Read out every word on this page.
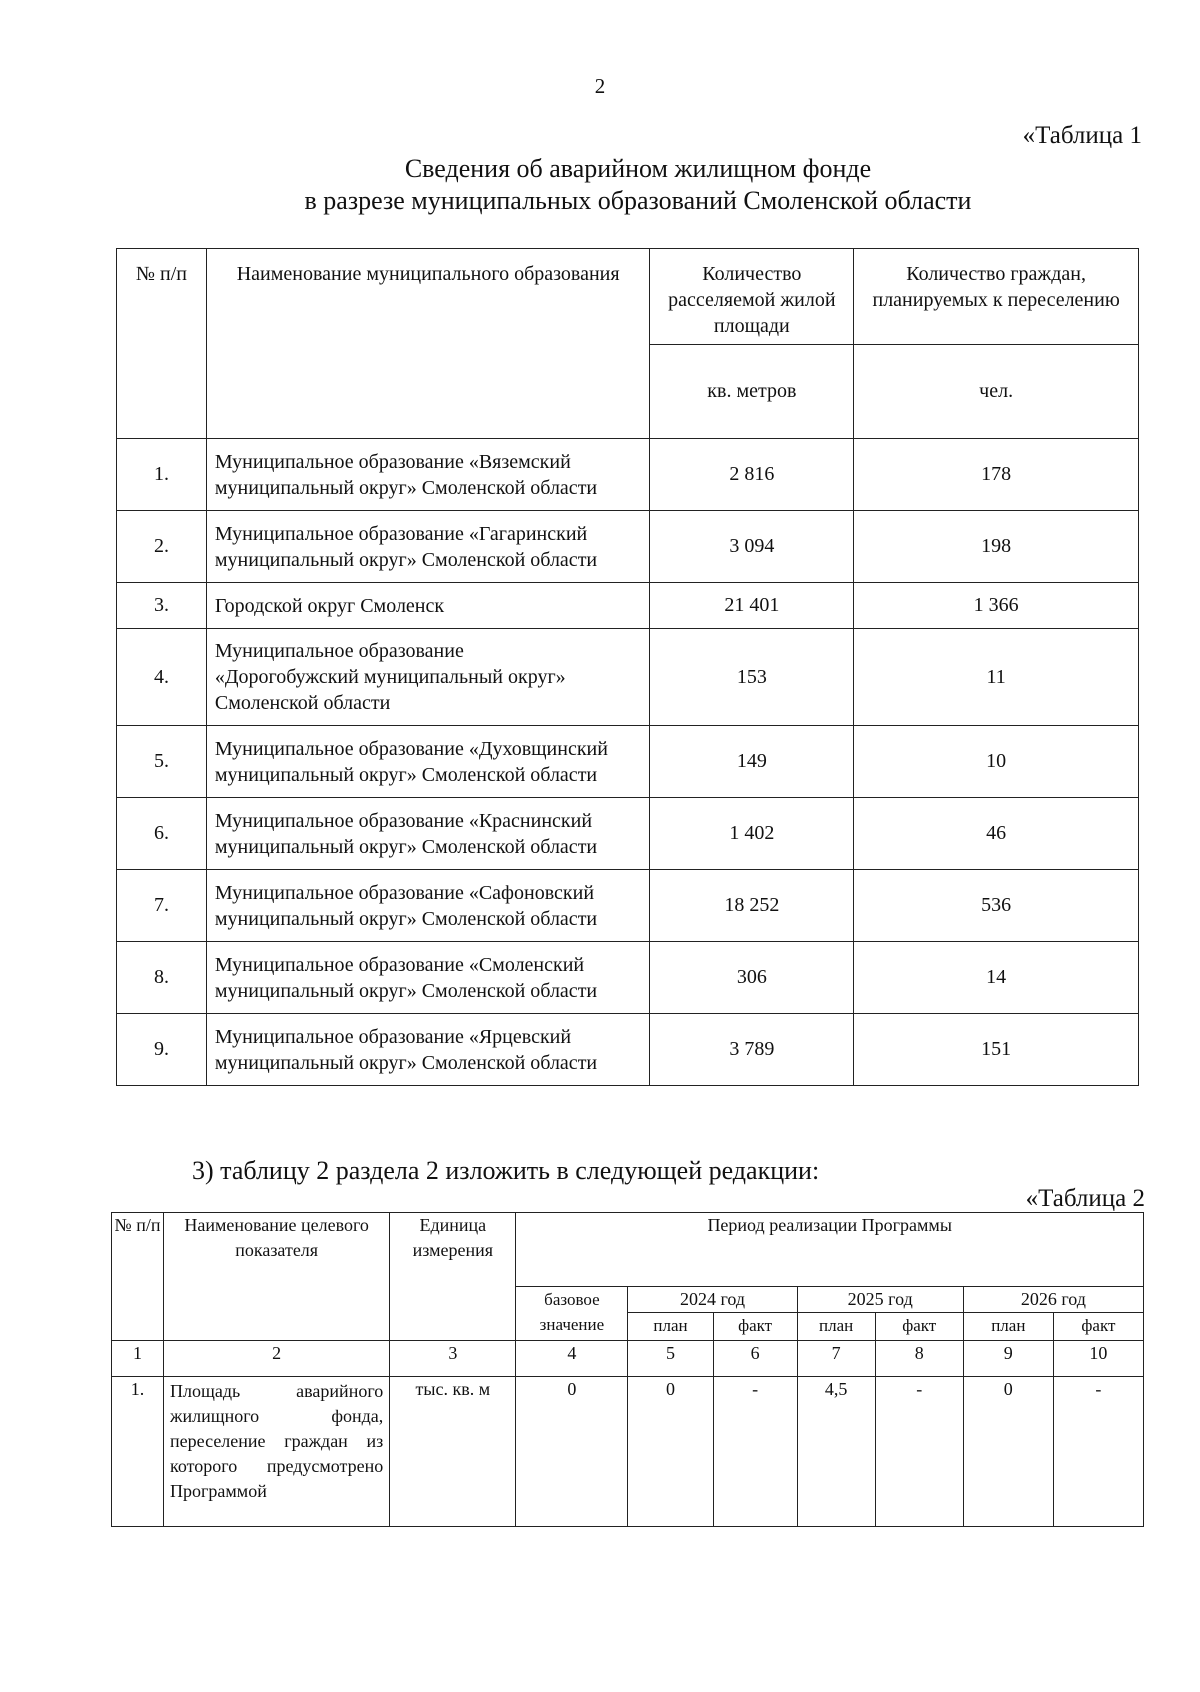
2
«Таблица 1
Сведения об аварийном жилищном фонде
в разрезе муниципальных образований Смоленской области
№ п/п	Наименование муниципального образования	Количество расселяемой жилой площади	Количество граждан, планируемых к переселению
		кв. метров	чел.
1.	Муниципальное образование «Вяземский муниципальный округ» Смоленской области	2 816	178
2.	Муниципальное образование «Гагаринский муниципальный округ» Смоленской области	3 094	198
3.	Городской округ Смоленск	21 401	1 366
4.	Муниципальное образование «Дорогобужский муниципальный округ» Смоленской области	153	11
5.	Муниципальное образование «Духовщинский муниципальный округ» Смоленской области	149	10
6.	Муниципальное образование «Краснинский муниципальный округ» Смоленской области	1 402	46
7.	Муниципальное образование «Сафоновский муниципальный округ» Смоленской области	18 252	536
8.	Муниципальное образование «Смоленский муниципальный округ» Смоленской области	306	14
9.	Муниципальное образование «Ярцевский муниципальный округ» Смоленской области	3 789	151
3) таблицу 2 раздела 2 изложить в следующей редакции:
«Таблица 2
№ п/п	Наименование целевого показателя	Единица измерения	Период реализации Программы						
			базовое значение	2024 год		2025 год		2026 год	
				план	факт	план	факт	план	факт
1	2	3	4	5	6	7	8	9	10
1.	Площадь аварийного жилищного фонда, переселение граждан из которого предусмотрено Программой	тыс. кв. м	0	0	-	4,5	-	0	-
